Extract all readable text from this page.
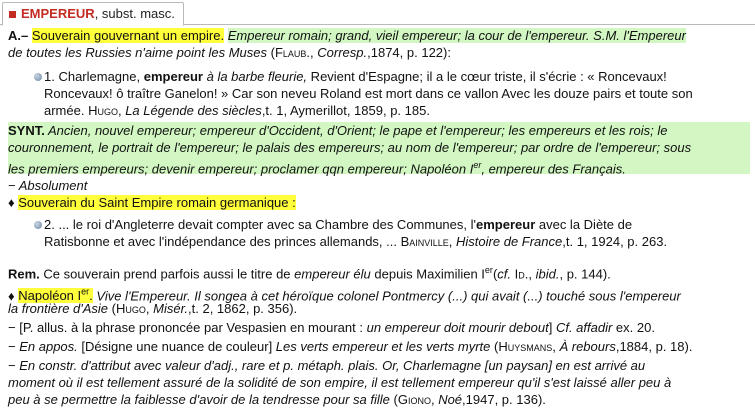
EMPEREUR , subst. masc.
A.– Souverain gouvernant un empire. Empereur romain; grand, vieil empereur; la cour de l'empereur. S.M. l'Empereur
de toutes les Russies n'aime point les Muses (Flaub., Corresp.,1874, p. 122):
1. Charlemagne, empereur à la barbe fleurie, Revient d'Espagne; il a le cœur triste, il s'écrie : « Roncevaux!
Roncevaux! ô traître Ganelon! » Car son neveu Roland est mort dans ce vallon Avec les douze pairs et toute son
armée. Hugo, La Légende des siècles,t. 1, Aymerillot, 1859, p. 185.
SYNT. Ancien, nouvel empereur; empereur d'Occident, d'Orient; le pape et l'empereur; les empereurs et les rois; le
couronnement, le portrait de l'empereur; le palais des empereurs; au nom de l'empereur; par ordre de l'empereur; sous
les premiers empereurs; devenir empereur; proclamer qqn empereur; Napoléon Ier, empereur des Français.
− Absolument
♦ Souverain du Saint Empire romain germanique :
2. ... le roi d'Angleterre devait compter avec sa Chambre des Communes, l'empereur avec la Diète de
Ratisbonne et avec l'indépendance des princes allemands, ... Bainville, Histoire de France,t. 1, 1924, p. 263.
Rem. Ce souverain prend parfois aussi le titre de empereur élu depuis Maximilien Ier(cf. Id., ibid., p. 144).
♦ Napoléon Ier. Vive l'Empereur. Il songea à cet héroïque colonel Pontmercy (...) qui avait (...) touché sous l'empereur
la frontière d'Asie (Hugo, Misér.,t. 2, 1862, p. 356).
− [P. allus. à la phrase prononcée par Vespasien en mourant : un empereur doit mourir debout] Cf. affadir ex. 20.
− En appos. [Désigne une nuance de couleur] Les verts empereur et les verts myrte (Huysmans, À rebours,1884, p. 18).
− En constr. d'attribut avec valeur d'adj., rare et p. métaph. plais. Or, Charlemagne [un paysan] en est arrivé au
moment où il est tellement assuré de la solidité de son empire, il est tellement empereur qu'il s'est laissé aller peu à
peu à se permettre la faiblesse d'avoir de la tendresse pour sa fille (Giono, Noé,1947, p. 136).
